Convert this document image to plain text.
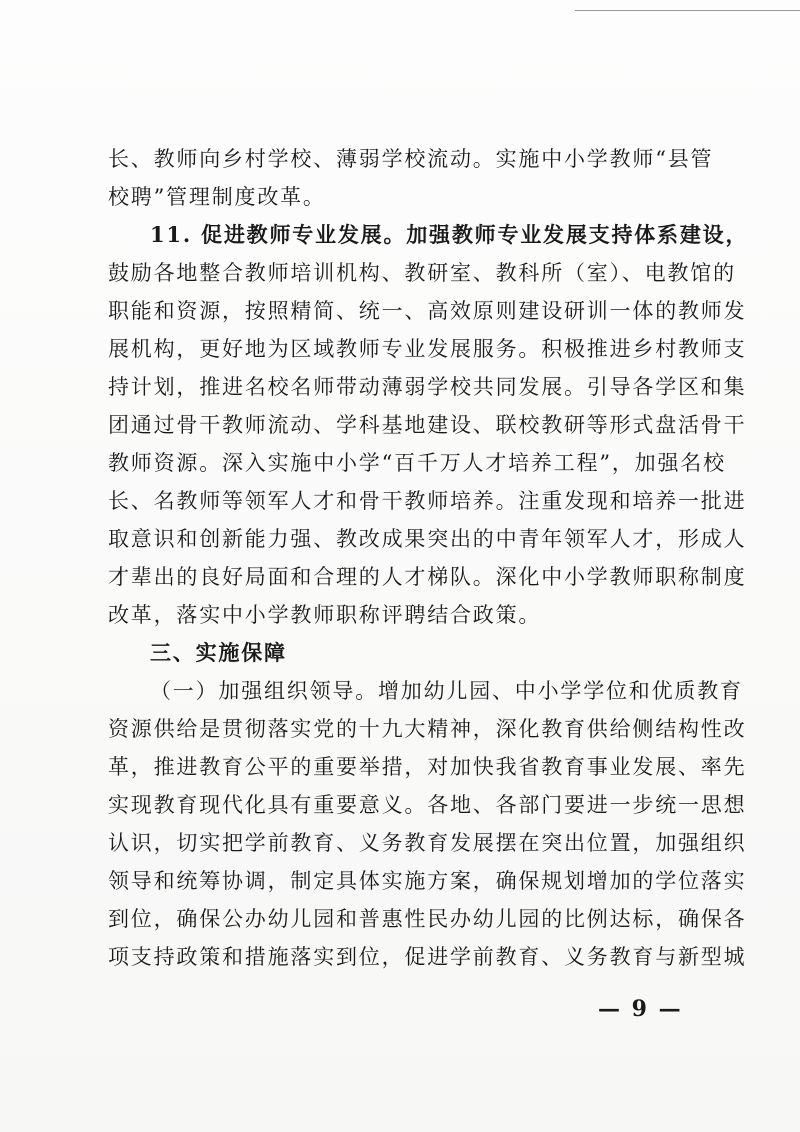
长、教师向乡村学校、薄弱学校流动。实施中小学教师“县管

校聘”管理制度改革。

11. 促进教师专业发展。加强教师专业发展支持体系建设，

鼓励各地整合教师培训机构、教研室、教科所（室）、电教馆的

职能和资源，按照精简、统一、高效原则建设研训一体的教师发

展机构，更好地为区域教师专业发展服务。积极推进乡村教师支

持计划，推进名校名师带动薄弱学校共同发展。引导各学区和集

团通过骨干教师流动、学科基地建设、联校教研等形式盘活骨干

教师资源。深入实施中小学“百千万人才培养工程”，加强名校

长、名教师等领军人才和骨干教师培养。注重发现和培养一批进

取意识和创新能力强、教改成果突出的中青年领军人才，形成人

才辈出的良好局面和合理的人才梯队。深化中小学教师职称制度

改革，落实中小学教师职称评聘结合政策。

三、实施保障

（一）加强组织领导。增加幼儿园、中小学学位和优质教育

资源供给是贯彻落实党的十九大精神，深化教育供给侧结构性改

革，推进教育公平的重要举措，对加快我省教育事业发展、率先

实现教育现代化具有重要意义。各地、各部门要进一步统一思想

认识，切实把学前教育、义务教育发展摆在突出位置，加强组织

领导和统筹协调，制定具体实施方案，确保规划增加的学位落实

到位，确保公办幼儿园和普惠性民办幼儿园的比例达标，确保各

项支持政策和措施落实到位，促进学前教育、义务教育与新型城

— 9 —
